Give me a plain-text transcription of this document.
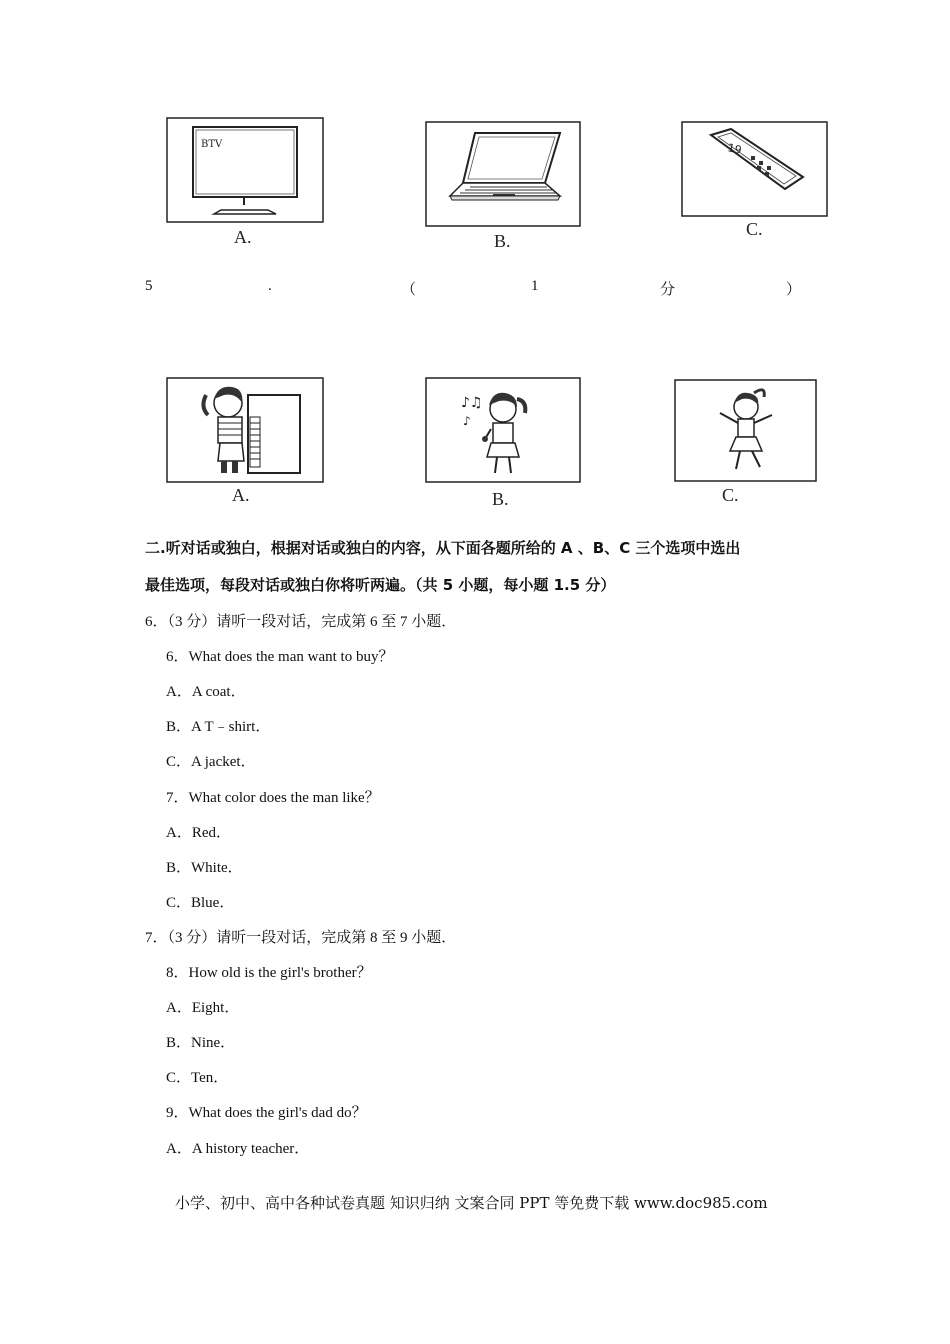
BTV
A.	B.
19
C.
5	.	（	1	分	）
A.
♪♫
♪
B.	C.
二.听对话或独白，根据对话或独白的内容，从下面各题所给的 A 、B、C 三个选项中选出
最佳选项，每段对话或独白你将听两遍。（共 5 小题，每小题 1.5 分）
6．（3 分）请听一段对话，完成第 6 至 7 小题．
6．What does the man want to buy？
A．A coat．
B．A T﹣shirt．
C．A jacket．
7．What color does the man like？
A．Red．
B．White．
C．Blue．
7．（3 分）请听一段对话，完成第 8 至 9 小题．
8．How old is the girl's brother？
A．Eight．
B．Nine．
C．Ten．
9．What does the girl's dad do？
A．A history teacher．
小学、初中、高中各种试卷真题 知识归纳 文案合同 PPT 等免费下载 www.doc985.com
